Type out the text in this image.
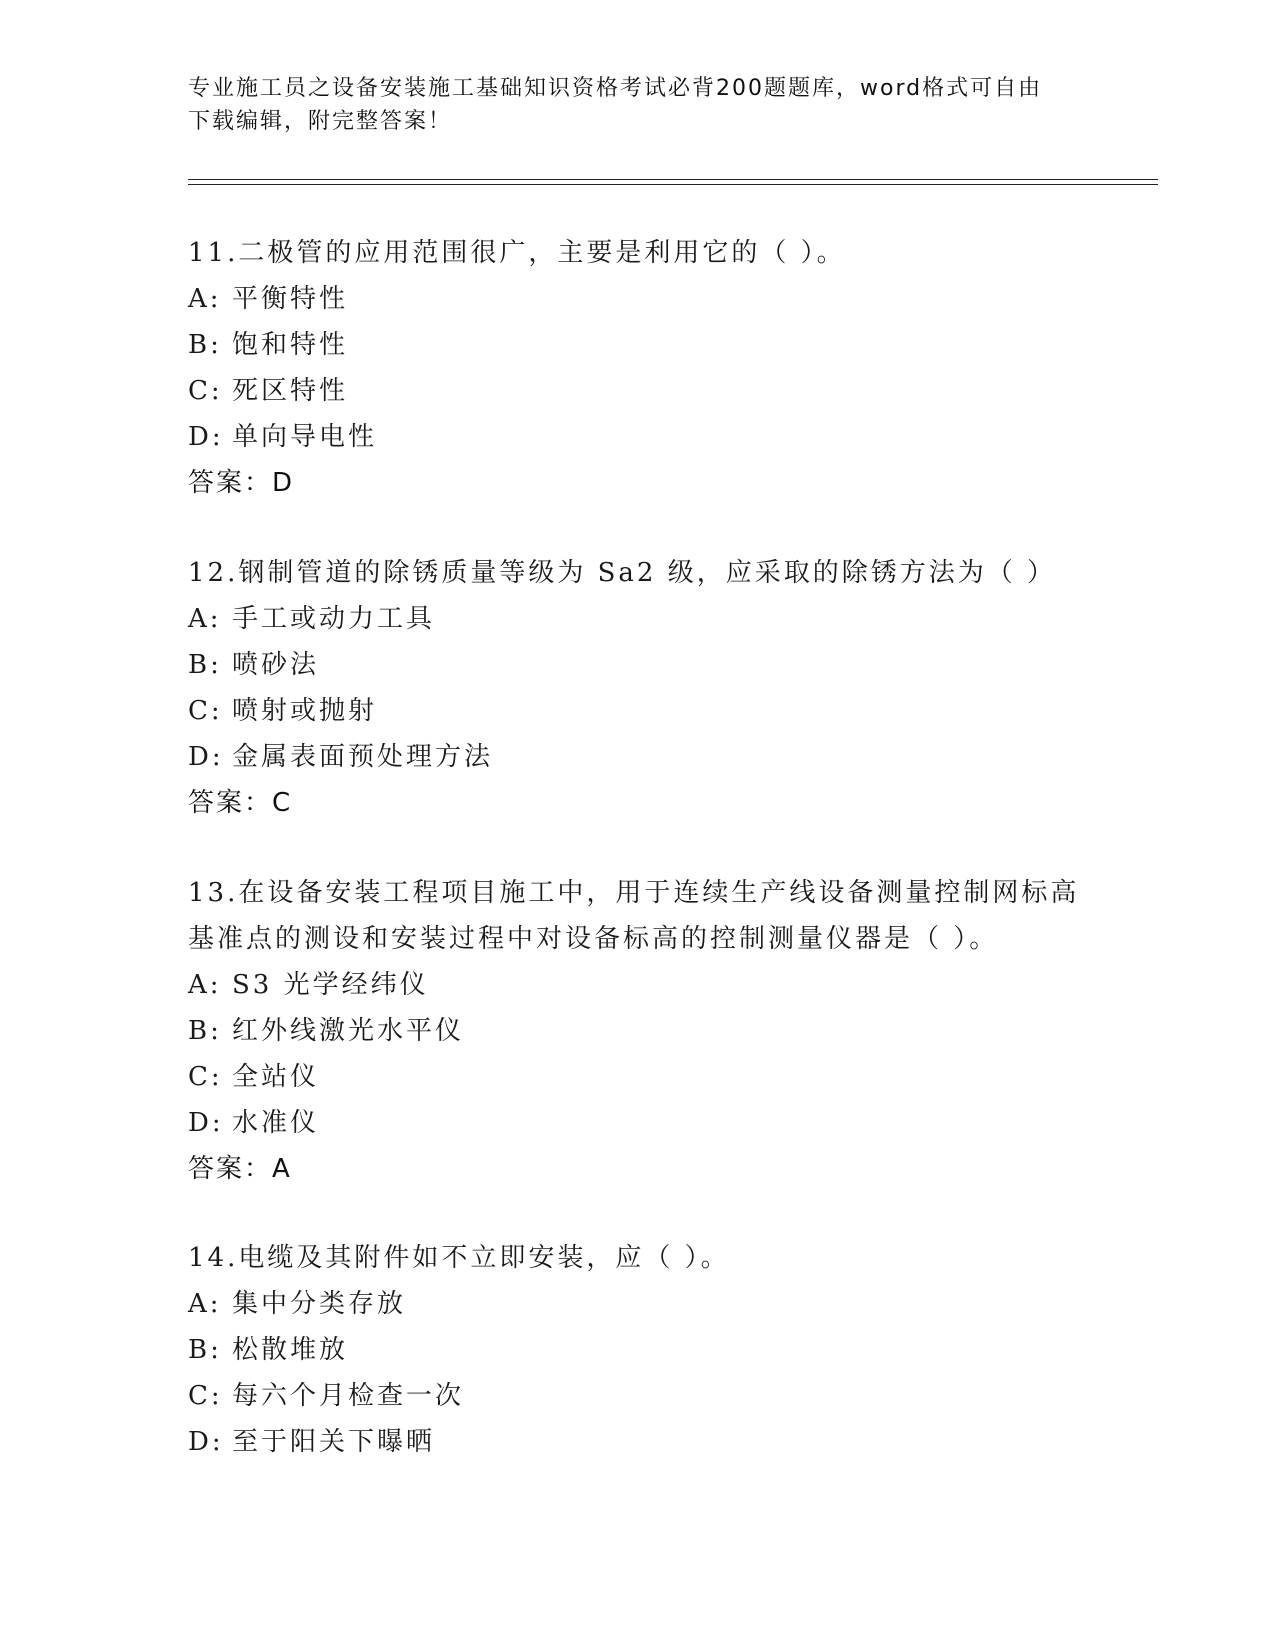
专业施工员之设备安装施工基础知识资格考试必背200题题库，word格式可自由
下载编辑，附完整答案！
11.二极管的应用范围很广，主要是利用它的（ ）。
A: 平衡特性
B: 饱和特性
C: 死区特性
D: 单向导电性
答案：D
12.钢制管道的除锈质量等级为 Sa2 级，应采取的除锈方法为（ ）
A: 手工或动力工具
B: 喷砂法
C: 喷射或抛射
D: 金属表面预处理方法
答案：C
13.在设备安装工程项目施工中，用于连续生产线设备测量控制网标高
基准点的测设和安装过程中对设备标高的控制测量仪器是（ ）。
A: S3 光学经纬仪
B: 红外线激光水平仪
C: 全站仪
D: 水准仪
答案：A
14.电缆及其附件如不立即安装，应（ ）。
A: 集中分类存放
B: 松散堆放
C: 每六个月检查一次
D: 至于阳关下曝晒
